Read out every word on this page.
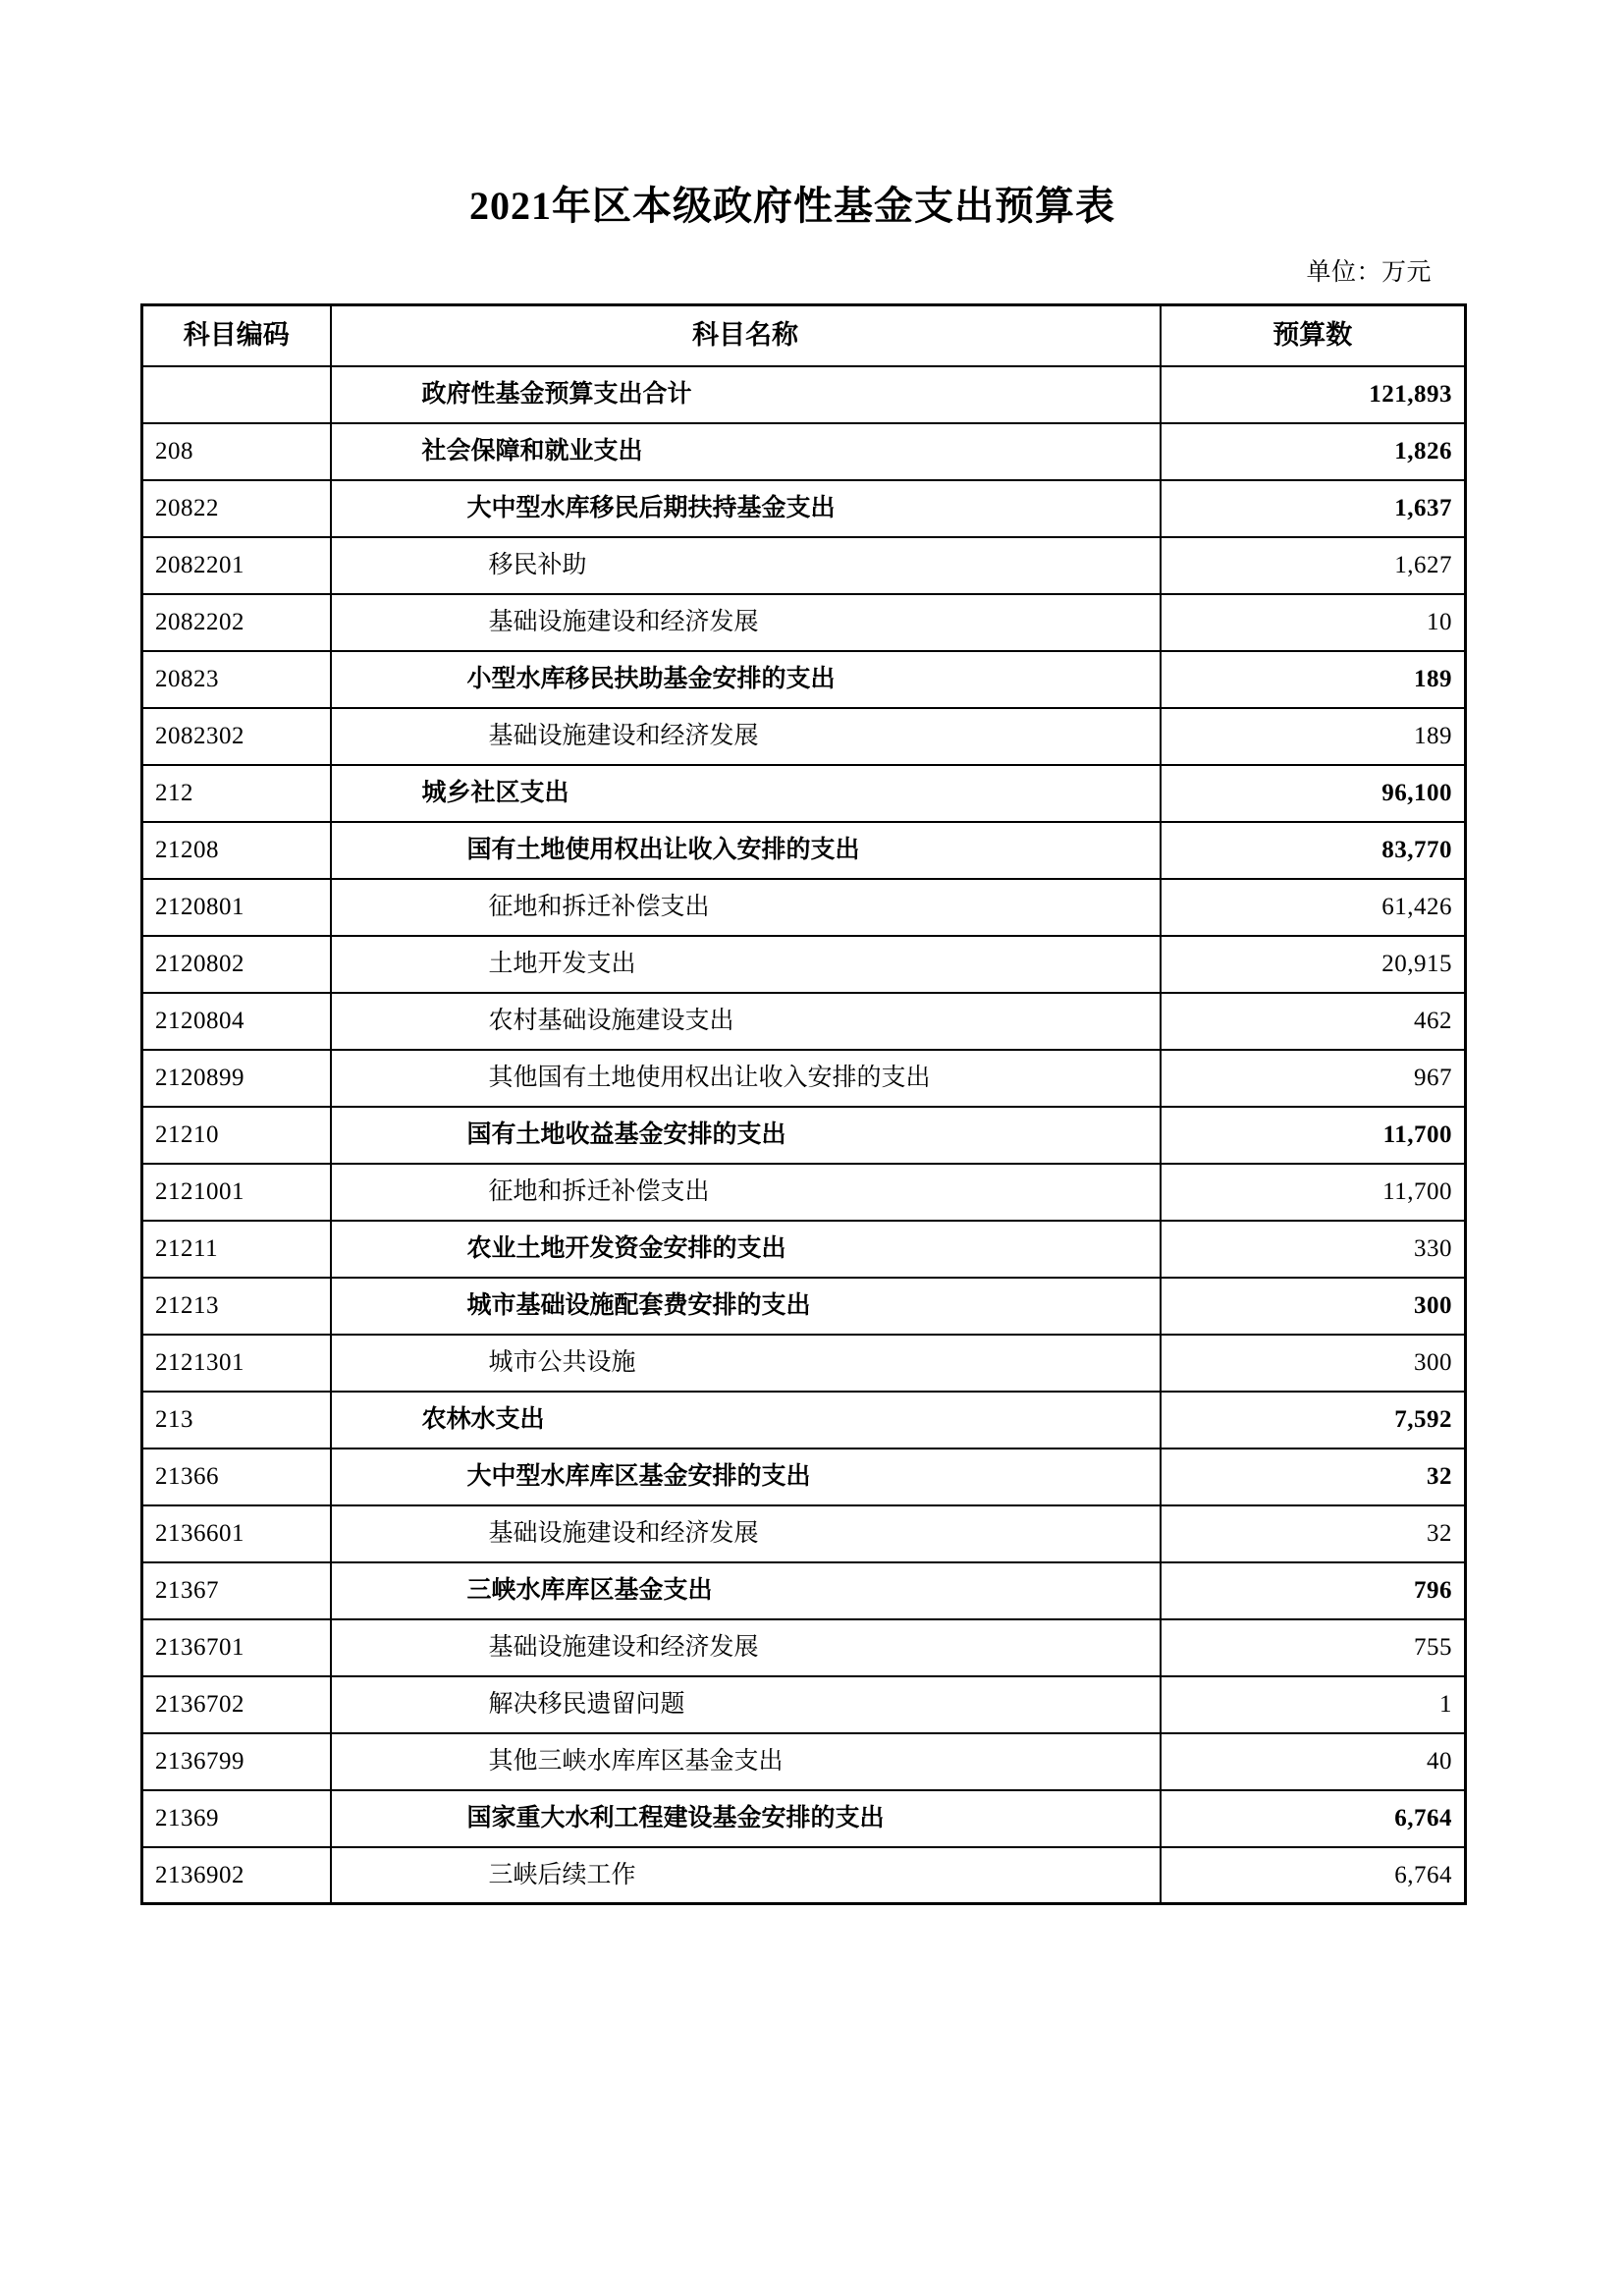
2021年区本级政府性基金支出预算表
单位：万元
科目编码	科目名称	预算数
	政府性基金预算支出合计	121,893
208	社会保障和就业支出	1,826
20822	大中型水库移民后期扶持基金支出	1,637
2082201	移民补助	1,627
2082202	基础设施建设和经济发展	10
20823	小型水库移民扶助基金安排的支出	189
2082302	基础设施建设和经济发展	189
212	城乡社区支出	96,100
21208	国有土地使用权出让收入安排的支出	83,770
2120801	征地和拆迁补偿支出	61,426
2120802	土地开发支出	20,915
2120804	农村基础设施建设支出	462
2120899	其他国有土地使用权出让收入安排的支出	967
21210	国有土地收益基金安排的支出	11,700
2121001	征地和拆迁补偿支出	11,700
21211	农业土地开发资金安排的支出	330
21213	城市基础设施配套费安排的支出	300
2121301	城市公共设施	300
213	农林水支出	7,592
21366	大中型水库库区基金安排的支出	32
2136601	基础设施建设和经济发展	32
21367	三峡水库库区基金支出	796
2136701	基础设施建设和经济发展	755
2136702	解决移民遗留问题	1
2136799	其他三峡水库库区基金支出	40
21369	国家重大水利工程建设基金安排的支出	6,764
2136902	三峡后续工作	6,764
